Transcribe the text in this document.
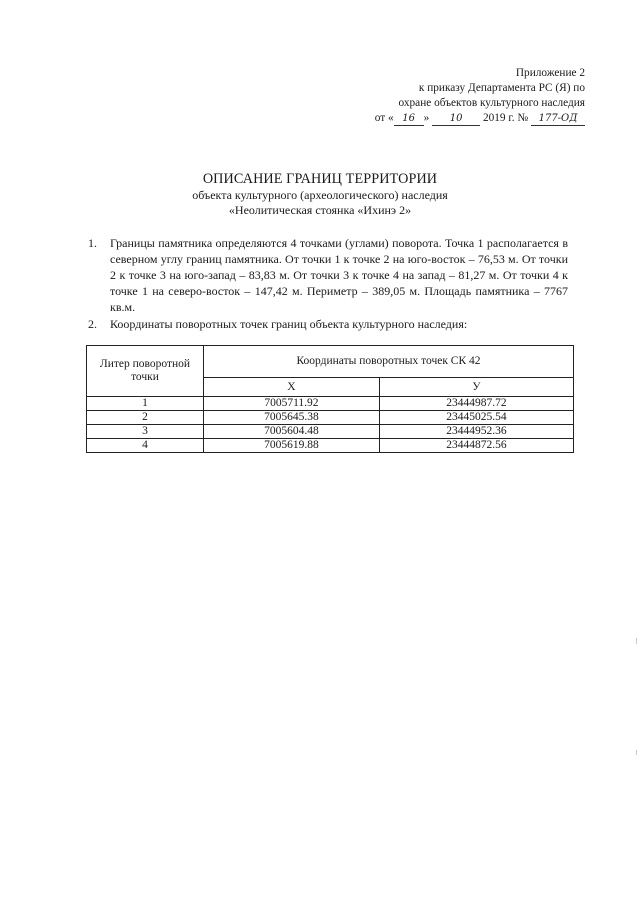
Приложение 2
к приказу Департамента РС (Я) по
охране объектов культурного наследия
от « 16 » 10 2019 г. № 177-ОД
ОПИСАНИЕ ГРАНИЦ ТЕРРИТОРИИ
объекта культурного (археологического) наследия
«Неолитическая стоянка «Ихинэ 2»
1. Границы памятника определяются 4 точками (углами) поворота. Точка 1 располагается в северном углу границ памятника. От точки 1 к точке 2 на юго-восток – 76,53 м. От точки 2 к точке 3 на юго-запад – 83,83 м. От точки 3 к точке 4 на запад – 81,27 м. От точки 4 к точке 1 на северо-восток – 147,42 м. Периметр – 389,05 м. Площадь памятника – 7767 кв.м.
2. Координаты поворотных точек границ объекта культурного наследия:
Литер поворотной точки	Координаты поворотных точек СК 42	
	X	У
1	7005711.92	23444987.72
2	7005645.38	23445025.54
3	7005604.48	23444952.36
4	7005619.88	23444872.56
